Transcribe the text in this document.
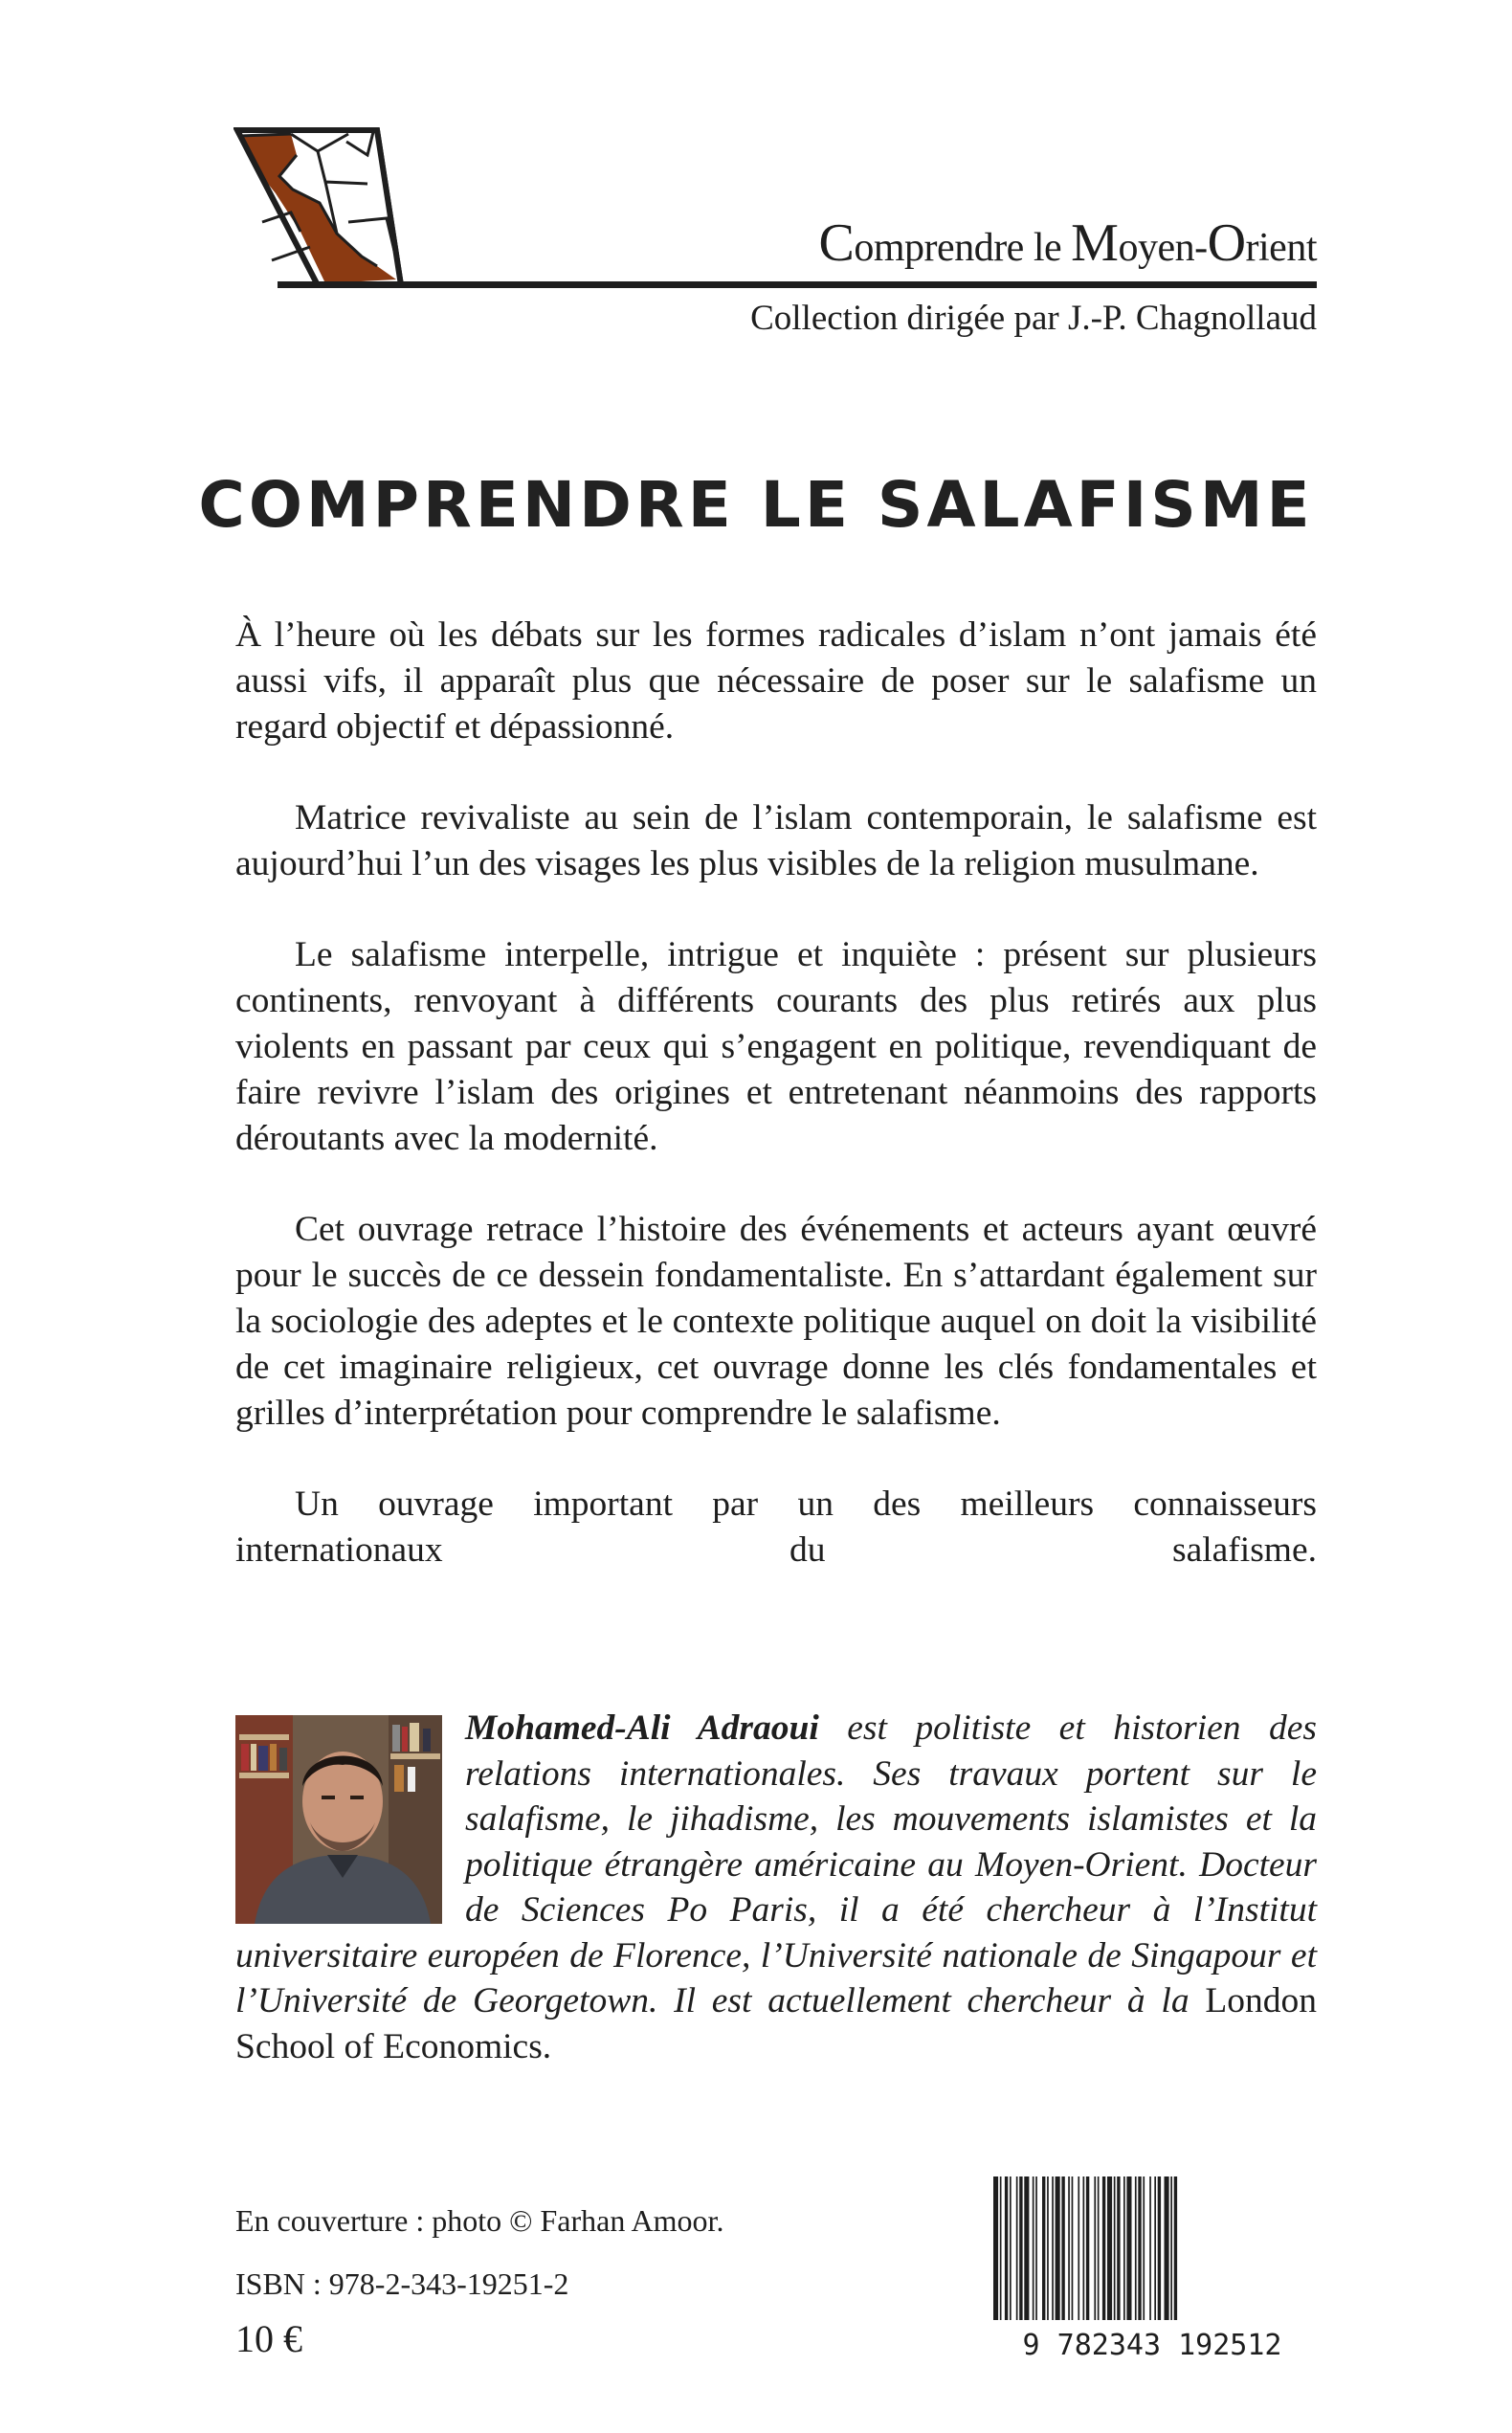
Comprendre le Moyen-Orient
Collection dirigée par J.-P. Chagnollaud
COMPRENDRE LE SALAFISME

À l’heure où les débats sur les formes radicales d’islam n’ont jamais été aussi vifs, il apparaît plus que nécessaire de poser sur le salafisme un regard objectif et dépassionné.

Matrice revivaliste au sein de l’islam contemporain, le salafisme est aujourd’hui l’un des visages les plus visibles de la religion musulmane.

Le salafisme interpelle, intrigue et inquiète : présent sur plusieurs continents, renvoyant à différents courants des plus retirés aux plus violents en passant par ceux qui s’engagent en politique, revendiquant de faire revivre l’islam des origines et entretenant néanmoins des rapports déroutants avec la modernité.

Cet ouvrage retrace l’histoire des événements et acteurs ayant œuvré pour le succès de ce dessein fondamentaliste. En s’attardant également sur la sociologie des adeptes et le contexte politique auquel on doit la visibilité de cet imaginaire religieux, cet ouvrage donne les clés fondamentales et grilles d’interprétation pour comprendre le salafisme.

Un ouvrage important par un des meilleurs connaisseurs internationaux du salafisme.

Mohamed-Ali Adraoui est politiste et historien des relations internationales. Ses travaux portent sur le salafisme, le jihadisme, les mouvements islamistes et la politique étrangère américaine au Moyen-Orient. Docteur de Sciences Po Paris, il a été chercheur à l’Institut universitaire européen de Florence, l’Université nationale de Singapour et l’Université de Georgetown. Il est actuellement chercheur à la London School of Economics.
En couverture : photo © Farhan Amoor.
ISBN : 978-2-343-19251-2
10 €	9 782343 192512
